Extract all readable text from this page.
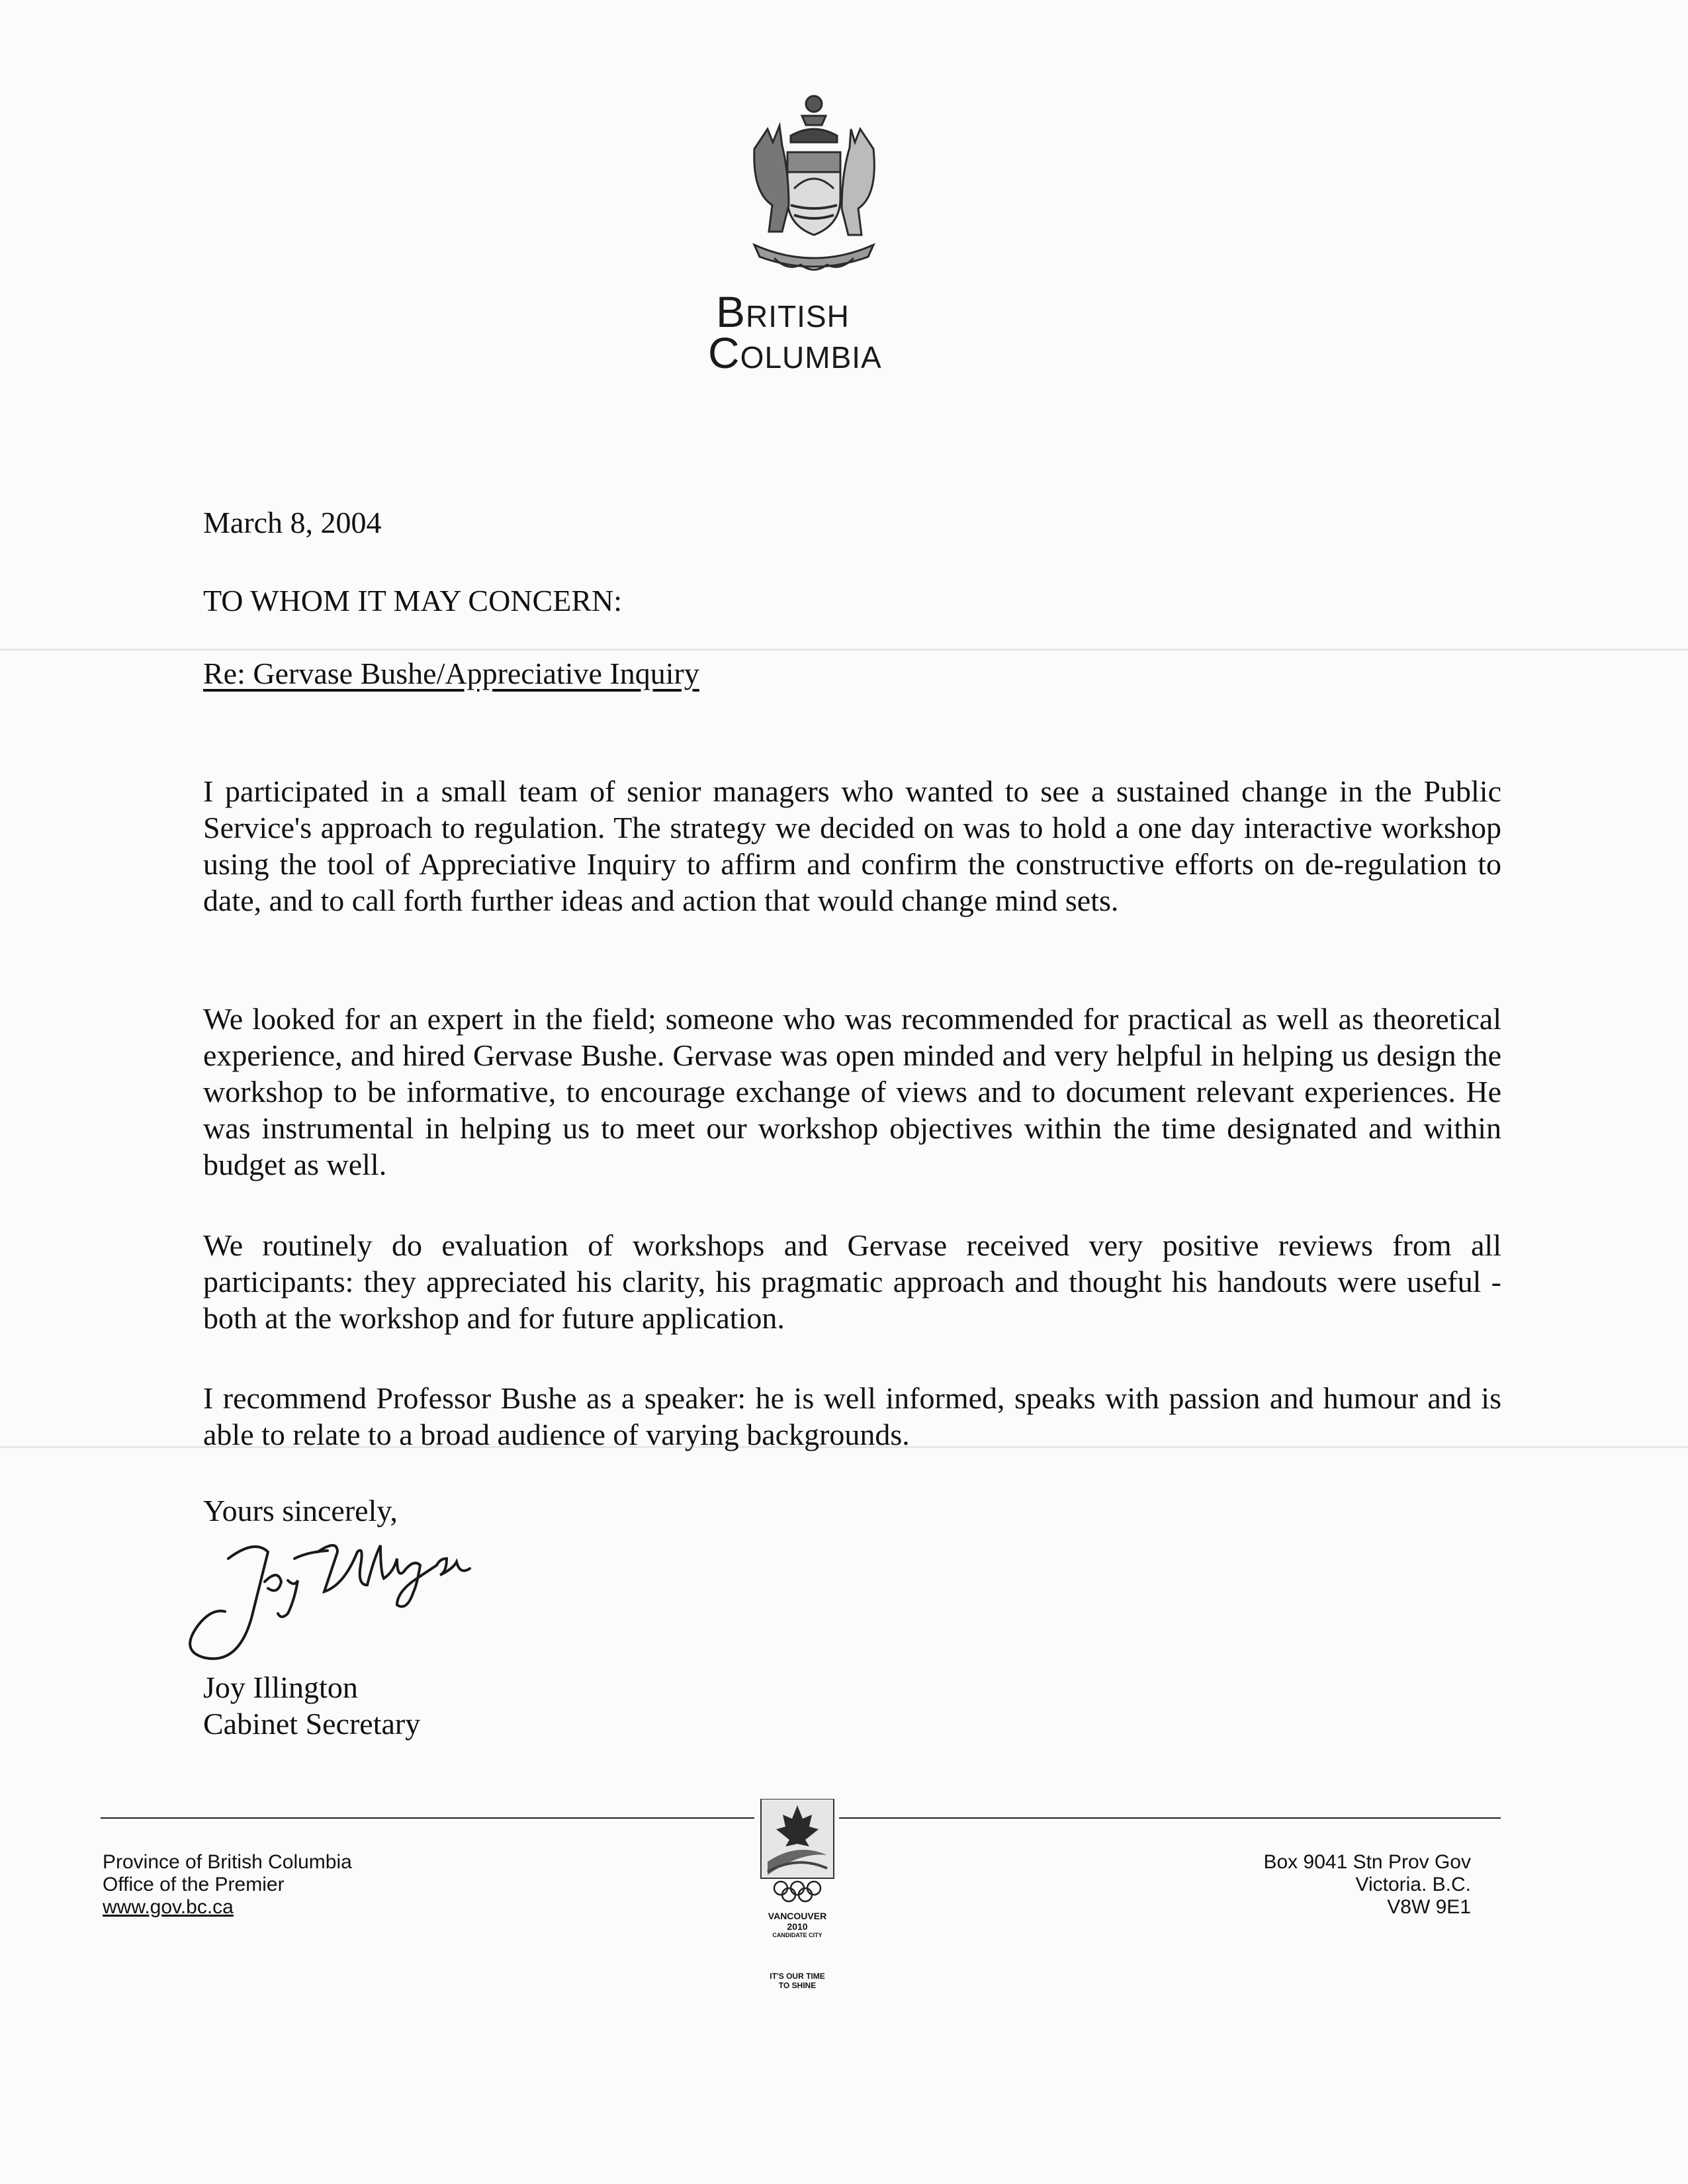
British
Columbia
March 8, 2004
TO WHOM IT MAY CONCERN:
Re: Gervase Bushe/Appreciative Inquiry
I participated in a small team of senior managers who wanted to see a sustained change in the Public Service's approach to regulation. The strategy we decided on was to hold a one day interactive workshop using the tool of Appreciative Inquiry to affirm and confirm the constructive efforts on de-regulation to date, and to call forth further ideas and action that would change mind sets.
We looked for an expert in the field; someone who was recommended for practical as well as theoretical experience, and hired Gervase Bushe. Gervase was open minded and very helpful in helping us design the workshop to be informative, to encourage exchange of views and to document relevant experiences. He was instrumental in helping us to meet our workshop objectives within the time designated and within budget as well.
We routinely do evaluation of workshops and Gervase received very positive reviews from all participants: they appreciated his clarity, his pragmatic approach and thought his handouts were useful - both at the workshop and for future application.
I recommend Professor Bushe as a speaker: he is well informed, speaks with passion and humour and is able to relate to a broad audience of varying backgrounds.
Yours sincerely,
Joy Illington
Cabinet Secretary
Province of British Columbia
Office of the Premier
www.gov.bc.ca	VANCOUVER 2010
CANDIDATE CITY
IT'S OUR TIME
TO SHINE
Box 9041 Stn Prov Gov
Victoria. B.C.
V8W 9E1
